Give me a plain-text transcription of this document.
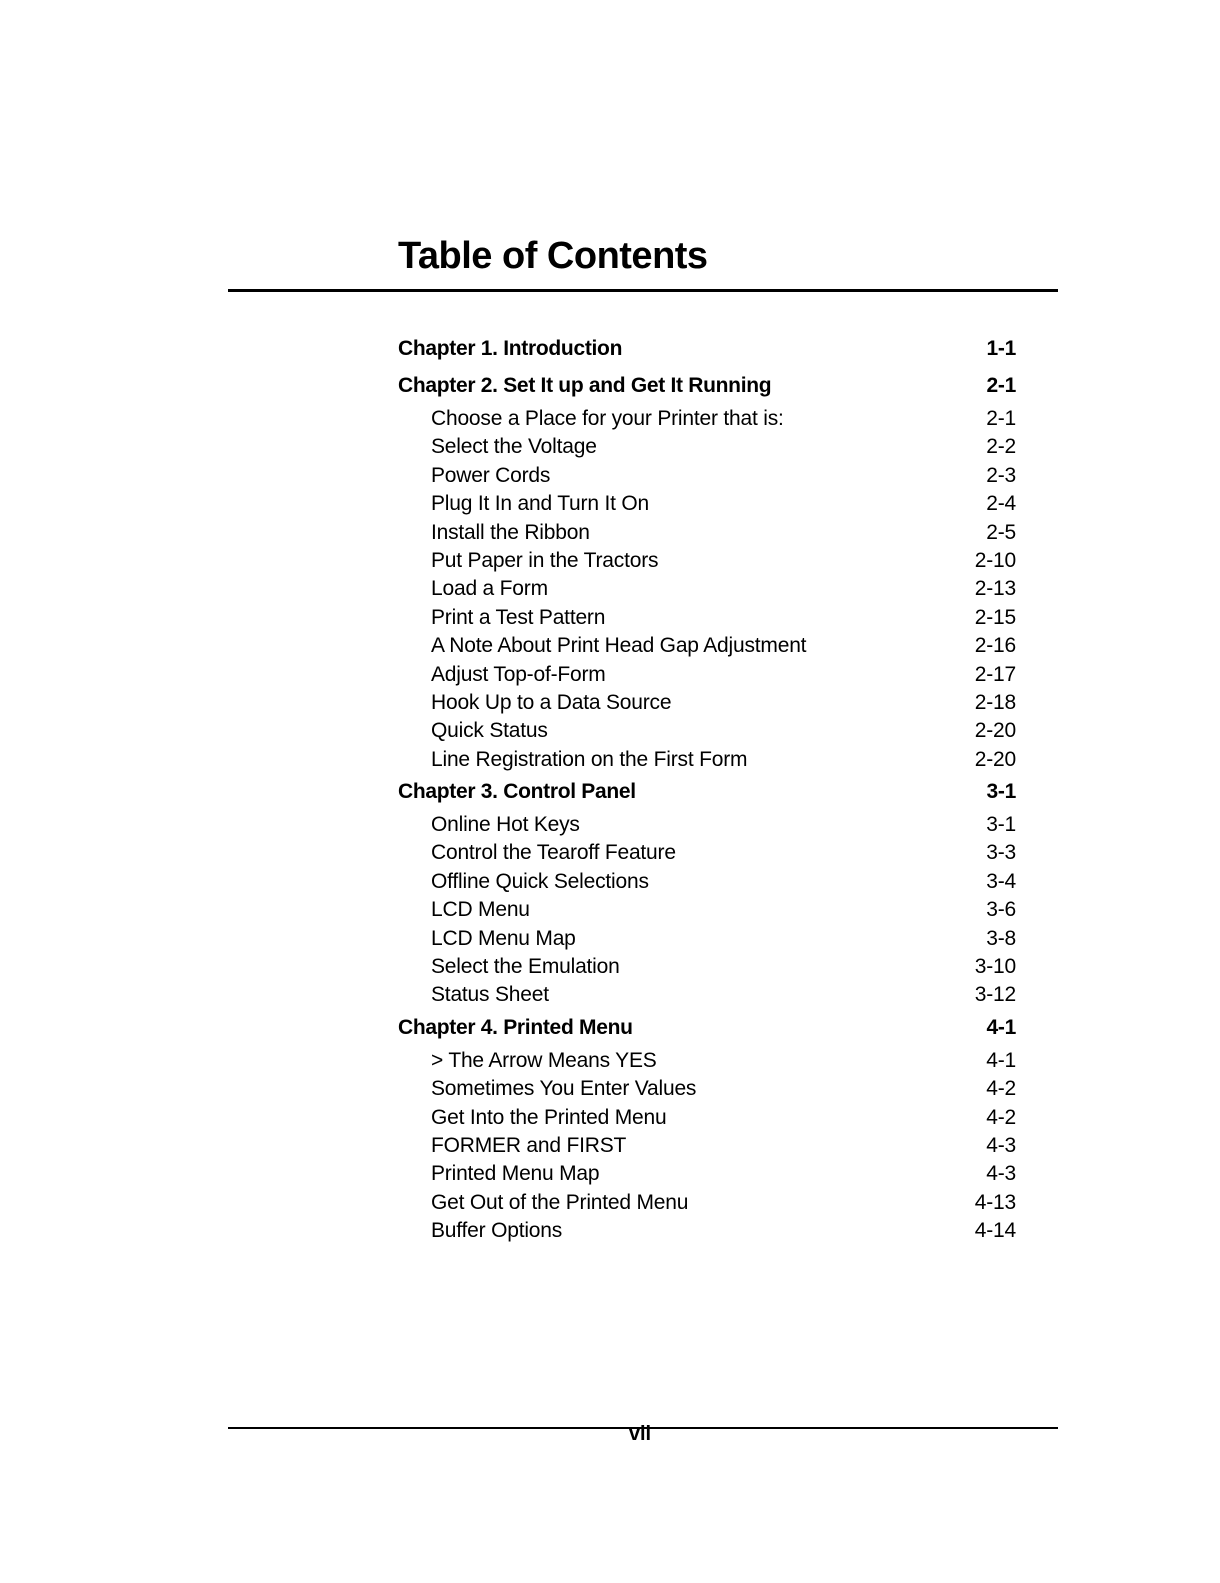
Table of Contents
Chapter 1. Introduction	1-1
Chapter 2. Set It up and Get It Running	2-1
Choose a Place for your Printer that is:	2-1
Select the Voltage	2-2
Power Cords	2-3
Plug It In and Turn It On	2-4
Install the Ribbon	2-5
Put Paper in the Tractors	2-10
Load a Form	2-13
Print a Test Pattern	2-15
A Note About Print Head Gap Adjustment	2-16
Adjust Top-of-Form	2-17
Hook Up to a Data Source	2-18
Quick Status	2-20
Line Registration on the First Form	2-20
Chapter 3. Control Panel	3-1
Online Hot Keys	3-1
Control the Tearoff Feature	3-3
Offline Quick Selections	3-4
LCD Menu	3-6
LCD Menu Map	3-8
Select the Emulation	3-10
Status Sheet	3-12
Chapter 4. Printed Menu	4-1
> The Arrow Means YES	4-1
Sometimes You Enter Values	4-2
Get Into the Printed Menu	4-2
FORMER and FIRST	4-3
Printed Menu Map	4-3
Get Out of the Printed Menu	4-13
Buffer Options	4-14
vii
